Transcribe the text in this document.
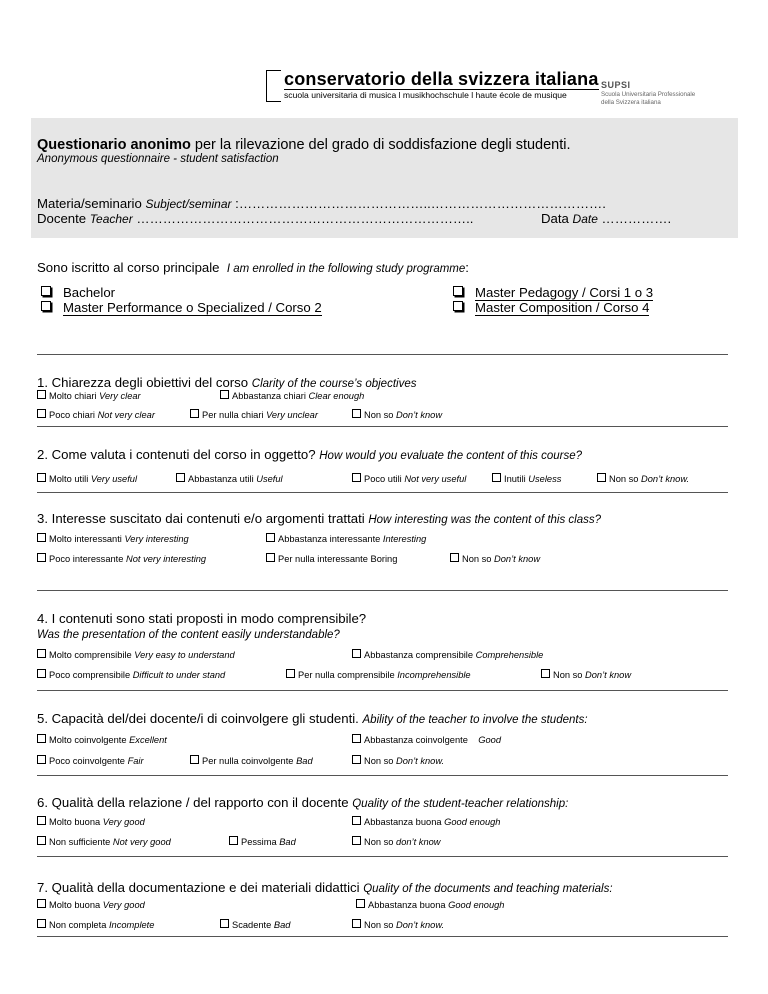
conservatorio della svizzera italiana
scuola universitaria di musica l musikhochschule l haute école de musique
SUPSI
Scuola Universitaria Professionale
della Svizzera italiana
Questionario anonimo per la rilevazione del grado di soddisfazione degli studenti.
Anonymous questionnaire - student satisfaction
Materia/seminario Subject/seminar :……………………………………..………………………………….
Docente Teacher …………………………………………………………………..	Data Date …………….
Sono iscritto al corso principale I am enrolled in the following study programme:
Bachelor
Master Performance o Specialized / Corso 2
Master Pedagogy / Corsi 1 o 3
Master Composition / Corso 4
1. Chiarezza degli obiettivi del corso Clarity of the course’s objectives
Molto chiari Very clear	Abbastanza chiari Clear enough
Poco chiari Not very clear	Per nulla chiari Very unclear	Non so Don’t know
2. Come valuta i contenuti del corso in oggetto? How would you evaluate the content of this course?
Molto utili Very useful	Abbastanza utili Useful	Poco utili Not very useful	Inutili Useless	Non so Don’t know.
3. Interesse suscitato dai contenuti e/o argomenti trattati How interesting was the content of this class?
Molto interessanti Very interesting	Abbastanza interessante Interesting
Poco interessante Not very interesting	Per nulla interessante Boring	Non so Don’t know
4. I contenuti sono stati proposti in modo comprensibile?
Was the presentation of the content easily understandable?
Molto comprensibile Very easy to understand	Abbastanza comprensibile Comprehensible
Poco comprensibile Difficult to under stand	Per nulla comprensibile Incomprehensible	Non so Don’t know
5. Capacità del/dei docente/i di coinvolgere gli studenti. Ability of the teacher to involve the students:
Molto coinvolgente Excellent	Abbastanza coinvolgente Good
Poco coinvolgente Fair	Per nulla coinvolgente Bad	Non so Don’t know.
6. Qualità della relazione / del rapporto con il docente Quality of the student-teacher relationship:
Molto buona Very good	Abbastanza buona Good enough
Non sufficiente Not very good	Pessima Bad	Non so don’t know
7. Qualità della documentazione e dei materiali didattici Quality of the documents and teaching materials:
Molto buona Very good	Abbastanza buona Good enough
Non completa Incomplete	Scadente Bad	Non so Don’t know.
